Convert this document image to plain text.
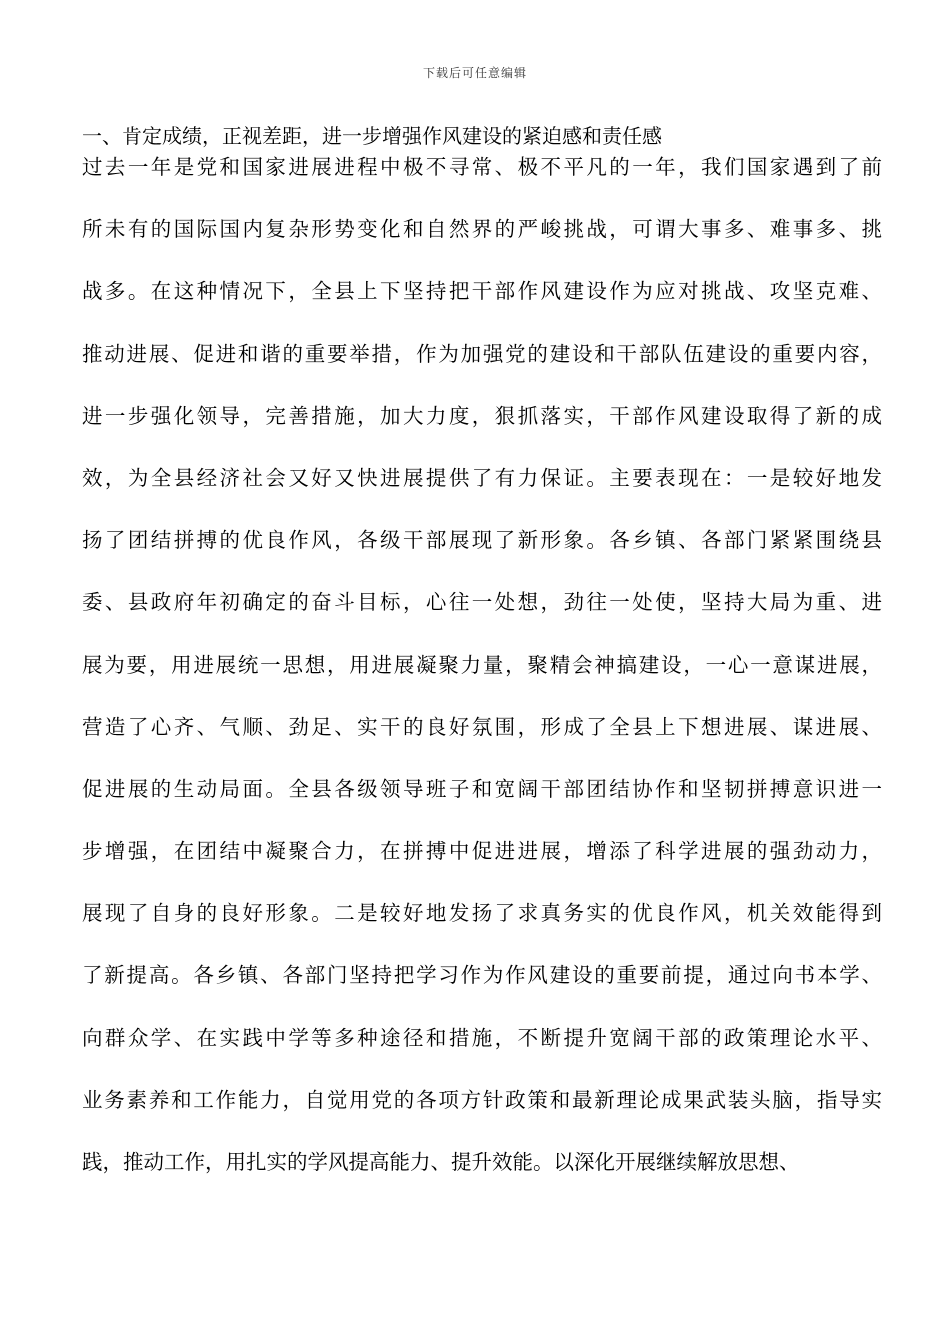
下载后可任意编辑
一、肯定成绩，正视差距，进一步增强作风建设的紧迫感和责任感
过去一年是党和国家进展进程中极不寻常、极不平凡的一年，我们国家遇到了前
所未有的国际国内复杂形势变化和自然界的严峻挑战，可谓大事多、难事多、挑
战多。在这种情况下，全县上下坚持把干部作风建设作为应对挑战、攻坚克难、
推动进展、促进和谐的重要举措，作为加强党的建设和干部队伍建设的重要内容，
进一步强化领导，完善措施，加大力度，狠抓落实，干部作风建设取得了新的成
效，为全县经济社会又好又快进展提供了有力保证。主要表现在：一是较好地发
扬了团结拼搏的优良作风，各级干部展现了新形象。各乡镇、各部门紧紧围绕县
委、县政府年初确定的奋斗目标，心往一处想，劲往一处使，坚持大局为重、进
展为要，用进展统一思想，用进展凝聚力量，聚精会神搞建设，一心一意谋进展，
营造了心齐、气顺、劲足、实干的良好氛围，形成了全县上下想进展、谋进展、
促进展的生动局面。全县各级领导班子和宽阔干部团结协作和坚韧拼搏意识进一
步增强，在团结中凝聚合力，在拼搏中促进进展，增添了科学进展的强劲动力，
展现了自身的良好形象。二是较好地发扬了求真务实的优良作风，机关效能得到
了新提高。各乡镇、各部门坚持把学习作为作风建设的重要前提，通过向书本学、
向群众学、在实践中学等多种途径和措施，不断提升宽阔干部的政策理论水平、
业务素养和工作能力，自觉用党的各项方针政策和最新理论成果武装头脑，指导实
践，推动工作，用扎实的学风提高能力、提升效能。以深化开展继续解放思想、
